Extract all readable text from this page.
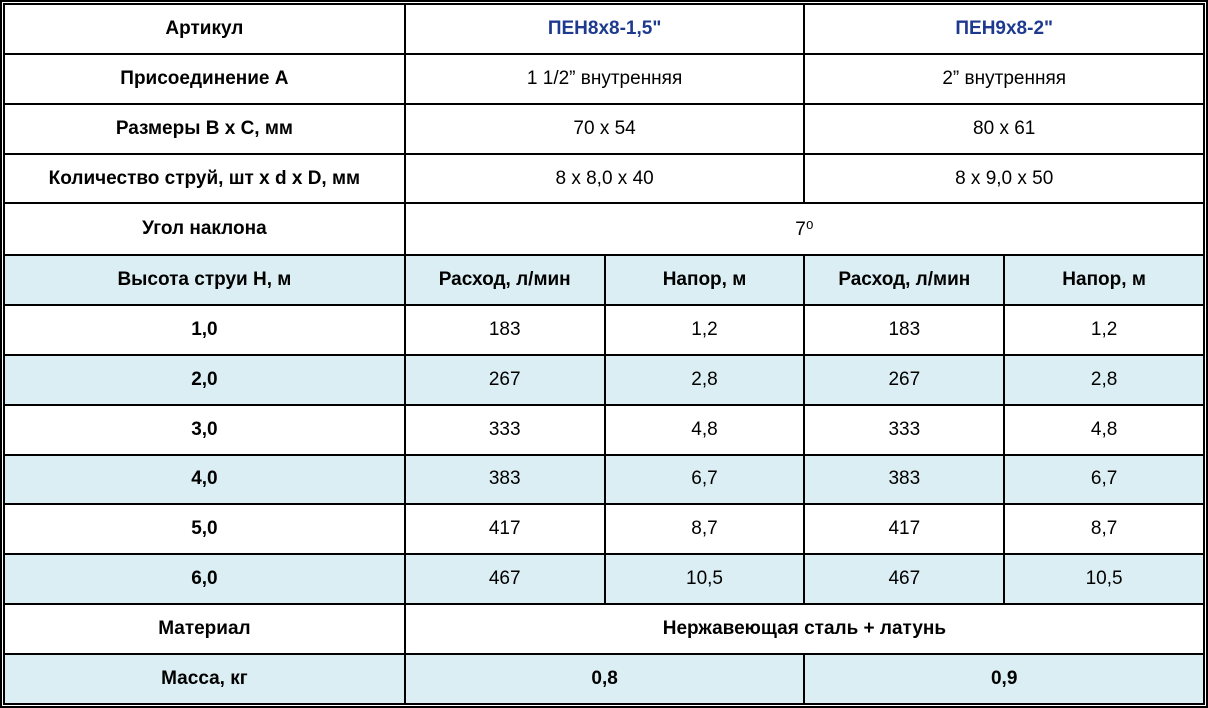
Артикул	ПЕН8х8-1,5"		ПЕН9х8-2"	
Присоединение А	1 1/2” внутренняя		2” внутренняя	
Размеры В х С, мм	70 х 54		80 х 61	
Количество струй, шт х d х D, мм	8 х 8,0 х 40		8 х 9,0 х 50	
Угол наклона	7⁰			
Высота струи Н, м	Расход, л/мин	Напор, м	Расход, л/мин	Напор, м
1,0	183	1,2	183	1,2
2,0	267	2,8	267	2,8
3,0	333	4,8	333	4,8
4,0	383	6,7	383	6,7
5,0	417	8,7	417	8,7
6,0	467	10,5	467	10,5
Материал	Нержавеющая сталь + латунь			
Масса, кг	0,8		0,9	
